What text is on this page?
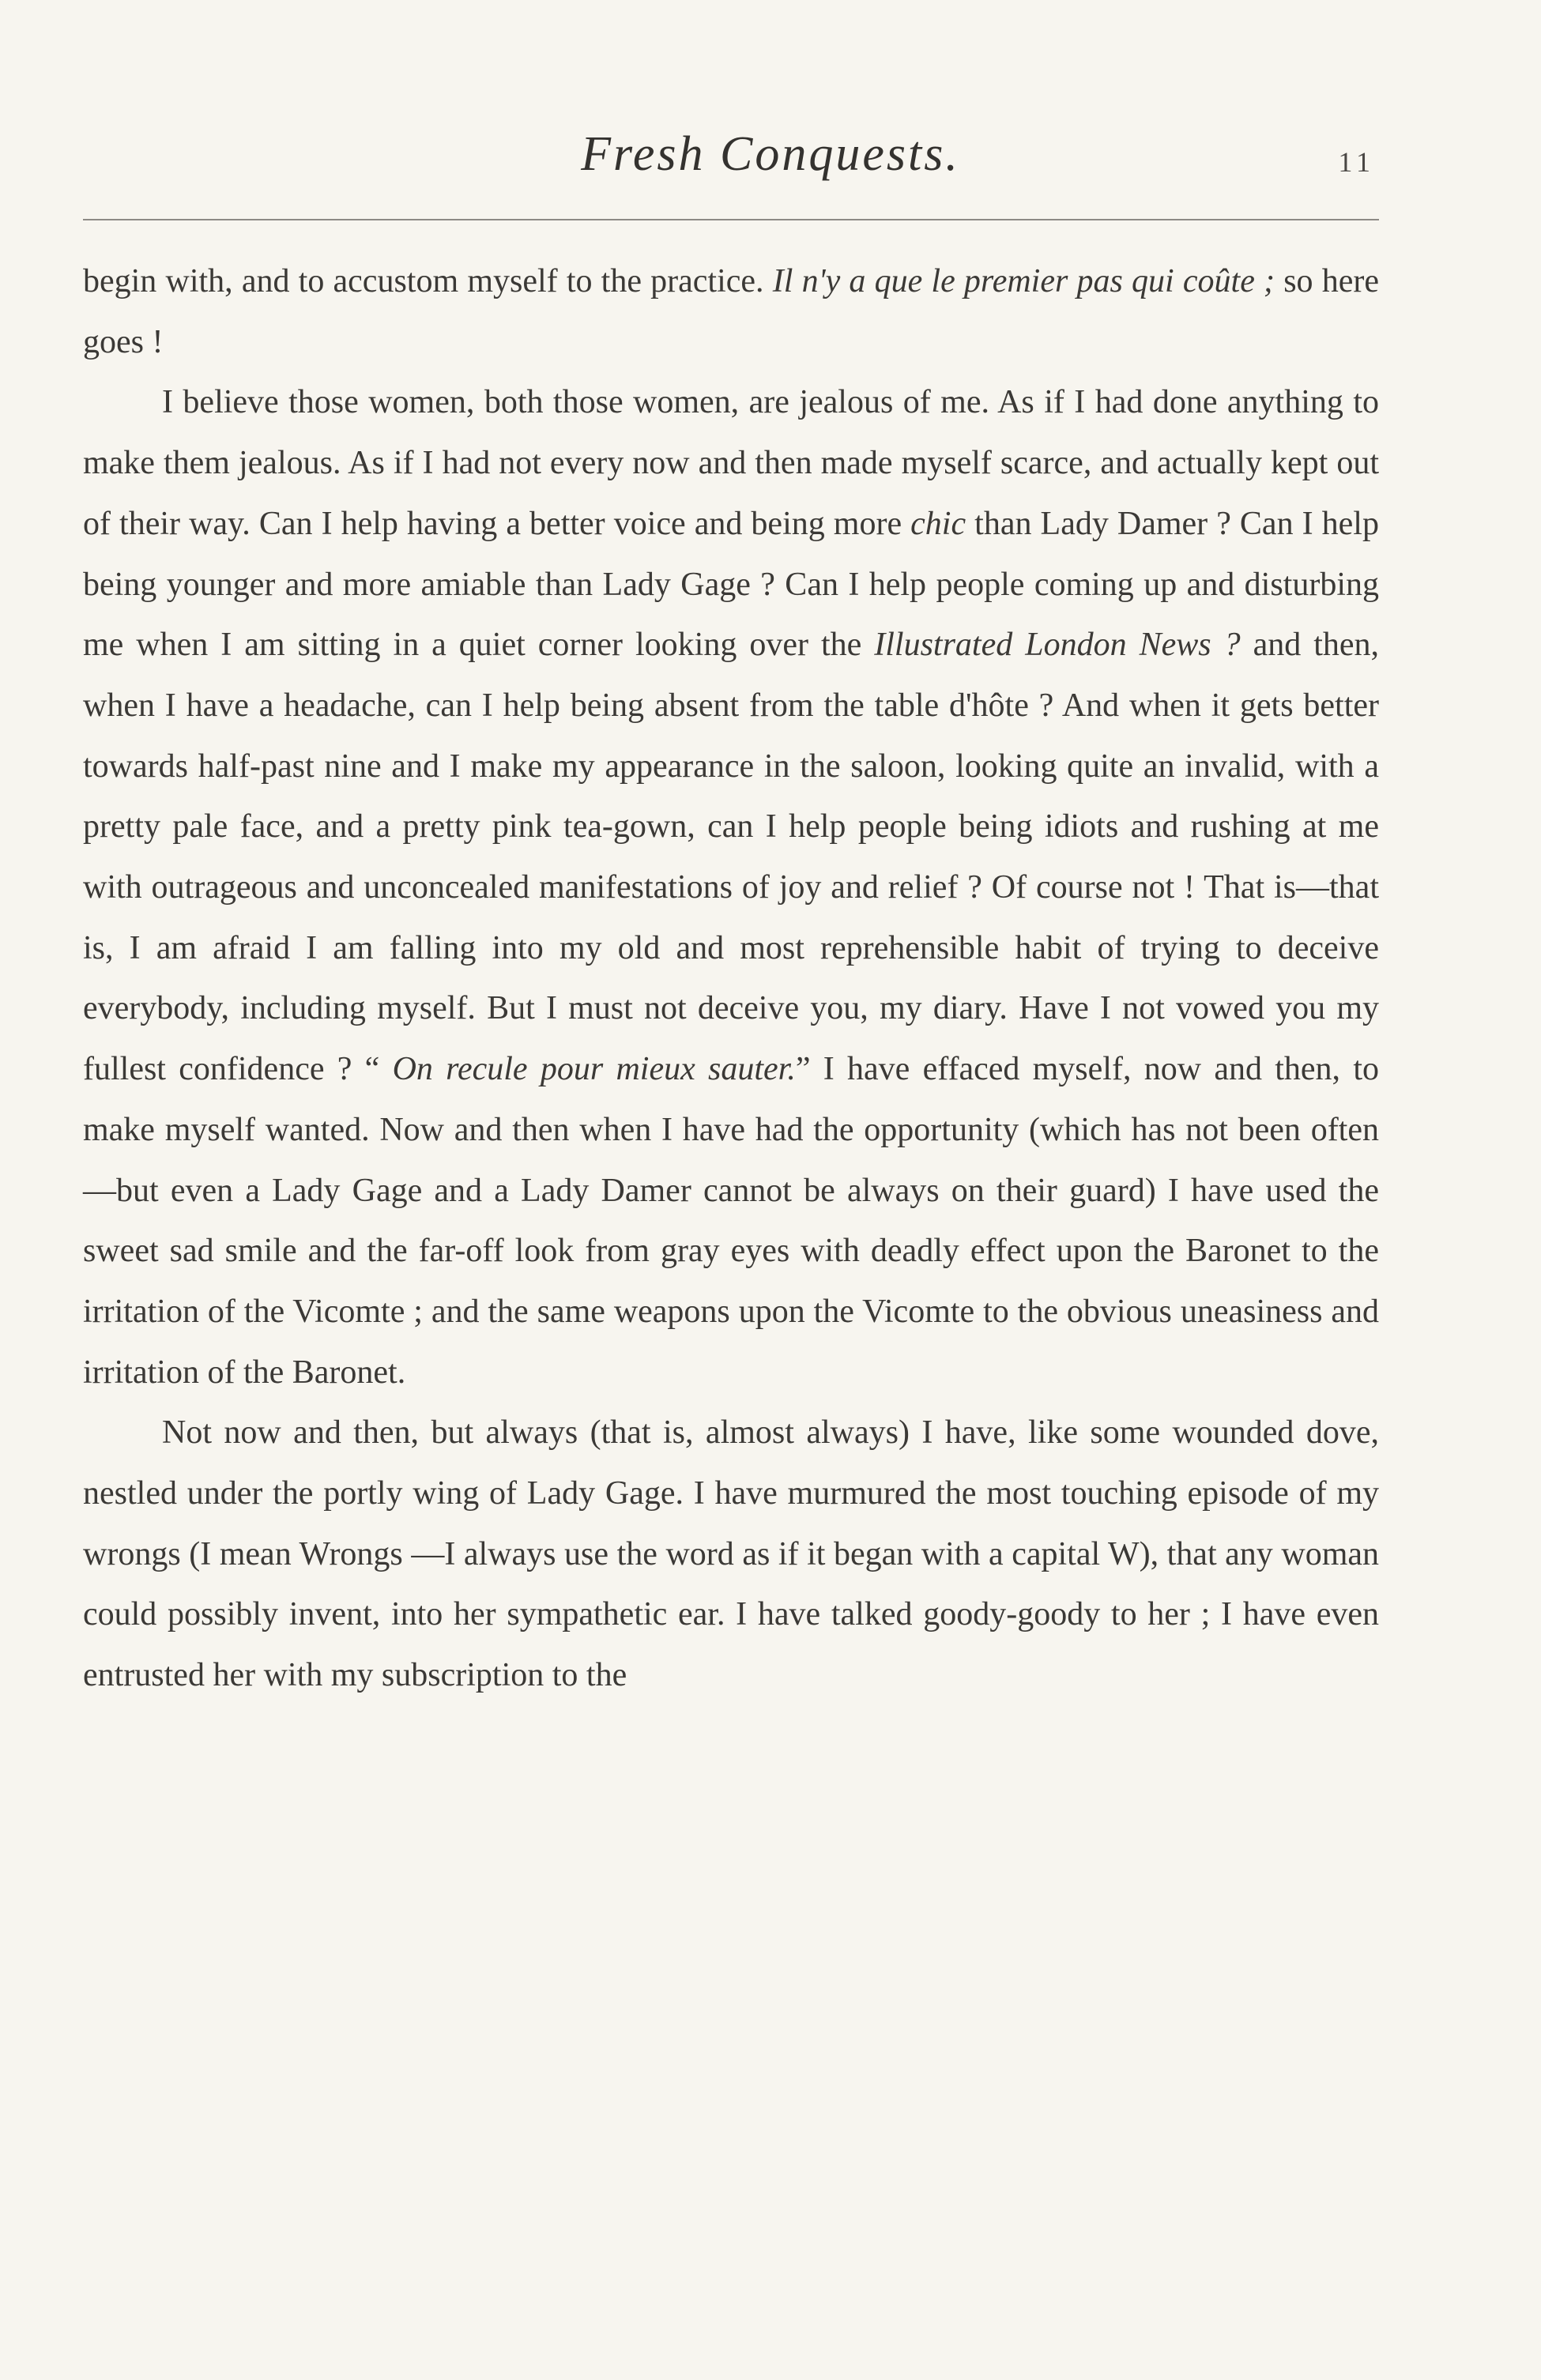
Fresh Conquests.	11

begin with, and to accustom myself to the practice. Il n'y a que le premier pas qui coûte ; so here goes !

I believe those women, both those women, are jealous of me. As if I had done anything to make them jealous. As if I had not every now and then made myself scarce, and actually kept out of their way. Can I help having a better voice and being more chic than Lady Damer ? Can I help being younger and more amiable than Lady Gage ? Can I help people coming up and disturbing me when I am sitting in a quiet corner looking over the Illustrated London News ? and then, when I have a headache, can I help being absent from the table d'hôte ? And when it gets better towards half-past nine and I make my appearance in the saloon, looking quite an invalid, with a pretty pale face, and a pretty pink tea-gown, can I help people being idiots and rushing at me with outrageous and unconcealed manifestations of joy and relief ? Of course not ! That is—that is, I am afraid I am falling into my old and most reprehensible habit of trying to deceive everybody, including myself. But I must not deceive you, my diary. Have I not vowed you my fullest confidence ? “ On recule pour mieux sauter.” I have effaced myself, now and then, to make myself wanted. Now and then when I have had the opportunity (which has not been often—but even a Lady Gage and a Lady Damer cannot be always on their guard) I have used the sweet sad smile and the far-off look from gray eyes with deadly effect upon the Baronet to the irritation of the Vicomte ; and the same weapons upon the Vicomte to the obvious uneasiness and irritation of the Baronet.

Not now and then, but always (that is, almost always) I have, like some wounded dove, nestled under the portly wing of Lady Gage. I have murmured the most touching episode of my wrongs (I mean Wrongs —I always use the word as if it began with a capital W), that any woman could possibly invent, into her sympathetic ear. I have talked goody-goody to her ; I have even entrusted her with my subscription to the
